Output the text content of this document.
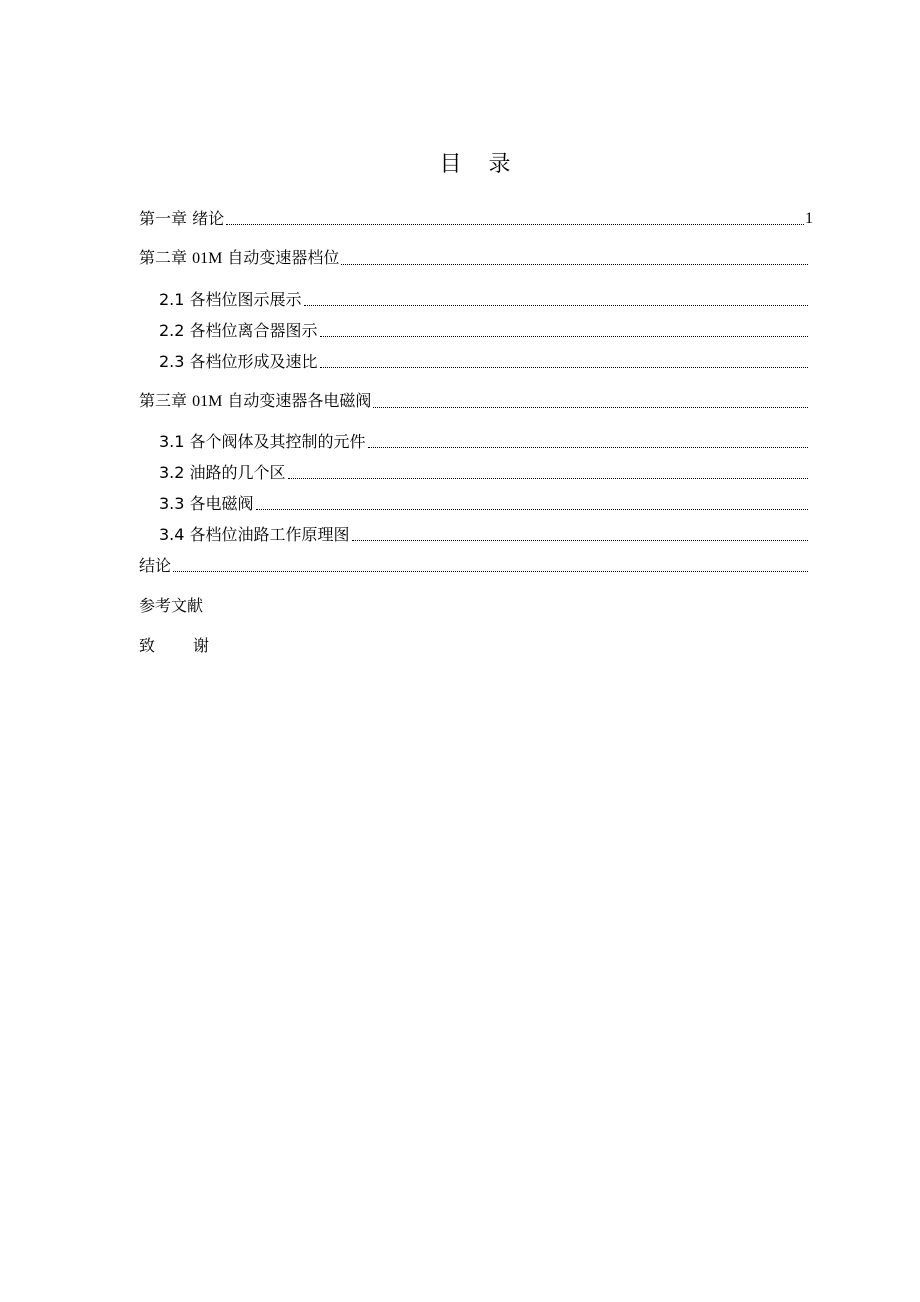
目 录
第一章 绪论	1
第二章 01M 自动变速器档位
2.1 各档位图示展示
2.2 各档位离合器图示
2.3 各档位形成及速比
第三章 01M 自动变速器各电磁阀
3.1 各个阀体及其控制的元件
3.2 油路的几个区
3.3 各电磁阀
3.4 各档位油路工作原理图
结论
参考文献
致 谢
